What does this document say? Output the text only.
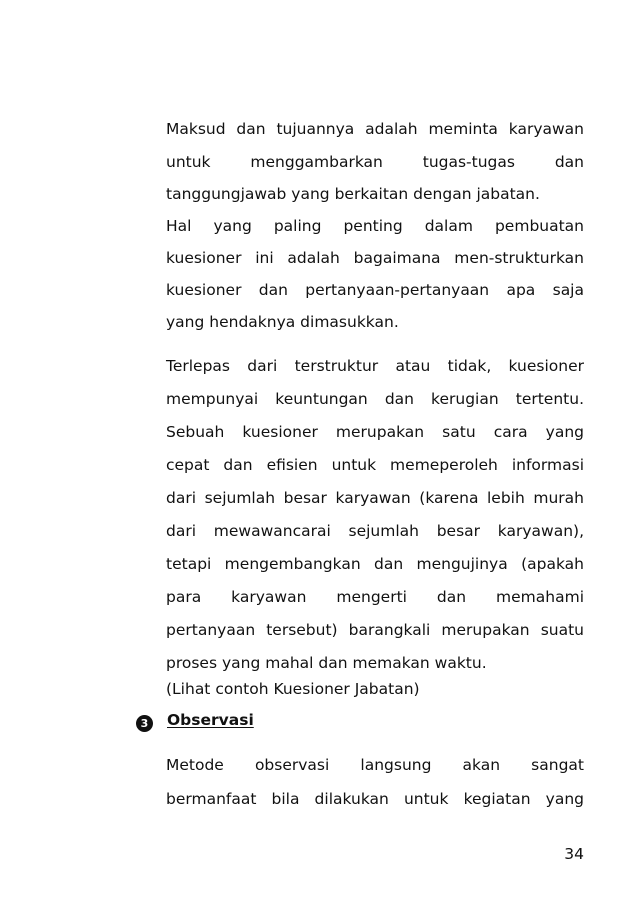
Maksud dan tujuannya adalah meminta karyawan
untuk menggambarkan tugas-tugas dan
tanggungjawab yang berkaitan dengan jabatan.
Hal yang paling penting dalam pembuatan
kuesioner ini adalah bagaimana men-strukturkan
kuesioner dan pertanyaan-pertanyaan apa saja
yang hendaknya dimasukkan.
Terlepas dari terstruktur atau tidak, kuesioner
mempunyai keuntungan dan kerugian tertentu.
Sebuah kuesioner merupakan satu cara yang
cepat dan efisien untuk memeperoleh informasi
dari sejumlah besar karyawan (karena lebih murah
dari mewawancarai sejumlah besar karyawan),
tetapi mengembangkan dan mengujinya (apakah
para karyawan mengerti dan memahami
pertanyaan tersebut) barangkali merupakan suatu
proses yang mahal dan memakan waktu.
(Lihat contoh Kuesioner Jabatan)
3 Observasi
Metode observasi langsung akan sangat
bermanfaat bila dilakukan untuk kegiatan yang
34
